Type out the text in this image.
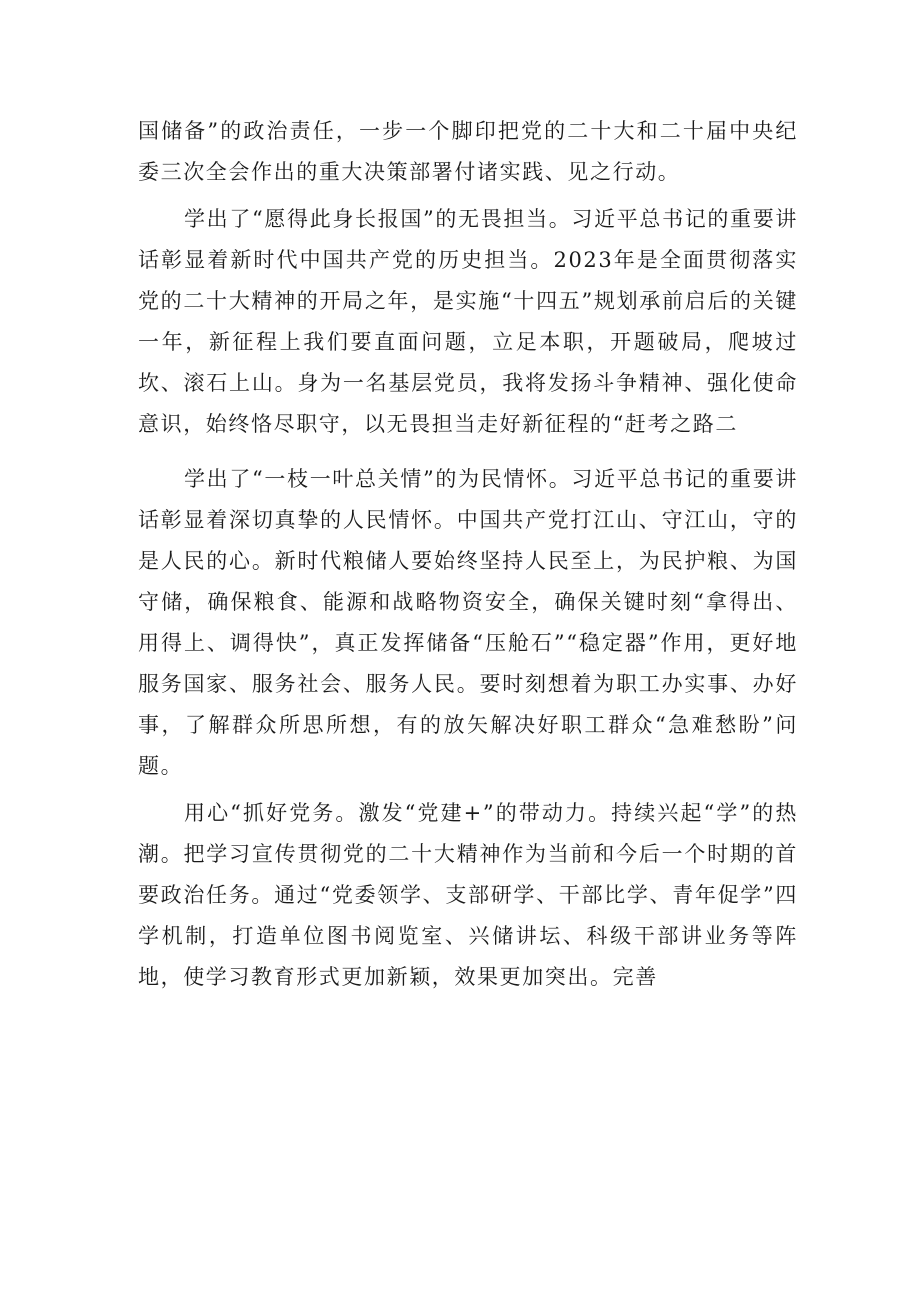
国储备”的政治责任，一步一个脚印把党的二十大和二十届中央纪委三次全会作出的重大决策部署付诸实践、见之行动。

学出了“愿得此身长报国”的无畏担当。习近平总书记的重要讲话彰显着新时代中国共产党的历史担当。2023年是全面贯彻落实党的二十大精神的开局之年，是实施“十四五”规划承前启后的关键一年，新征程上我们要直面问题，立足本职，开题破局，爬坡过坎、滚石上山。身为一名基层党员，我将发扬斗争精神、强化使命意识，始终恪尽职守，以无畏担当走好新征程的“赶考之路二

学出了“一枝一叶总关情”的为民情怀。习近平总书记的重要讲话彰显着深切真挚的人民情怀。中国共产党打江山、守江山，守的是人民的心。新时代粮储人要始终坚持人民至上，为民护粮、为国守储，确保粮食、能源和战略物资安全，确保关键时刻“拿得出、用得上、调得快”，真正发挥储备“压舱石”“稳定器”作用，更好地服务国家、服务社会、服务人民。要时刻想着为职工办实事、办好事，了解群众所思所想，有的放矢解决好职工群众“急难愁盼”问题。

用心“抓好党务。激发“党建+”的带动力。持续兴起“学”的热潮。把学习宣传贯彻党的二十大精神作为当前和今后一个时期的首要政治任务。通过“党委领学、支部研学、干部比学、青年促学”四学机制，打造单位图书阅览室、兴储讲坛、科级干部讲业务等阵地，使学习教育形式更加新颖，效果更加突出。完善
